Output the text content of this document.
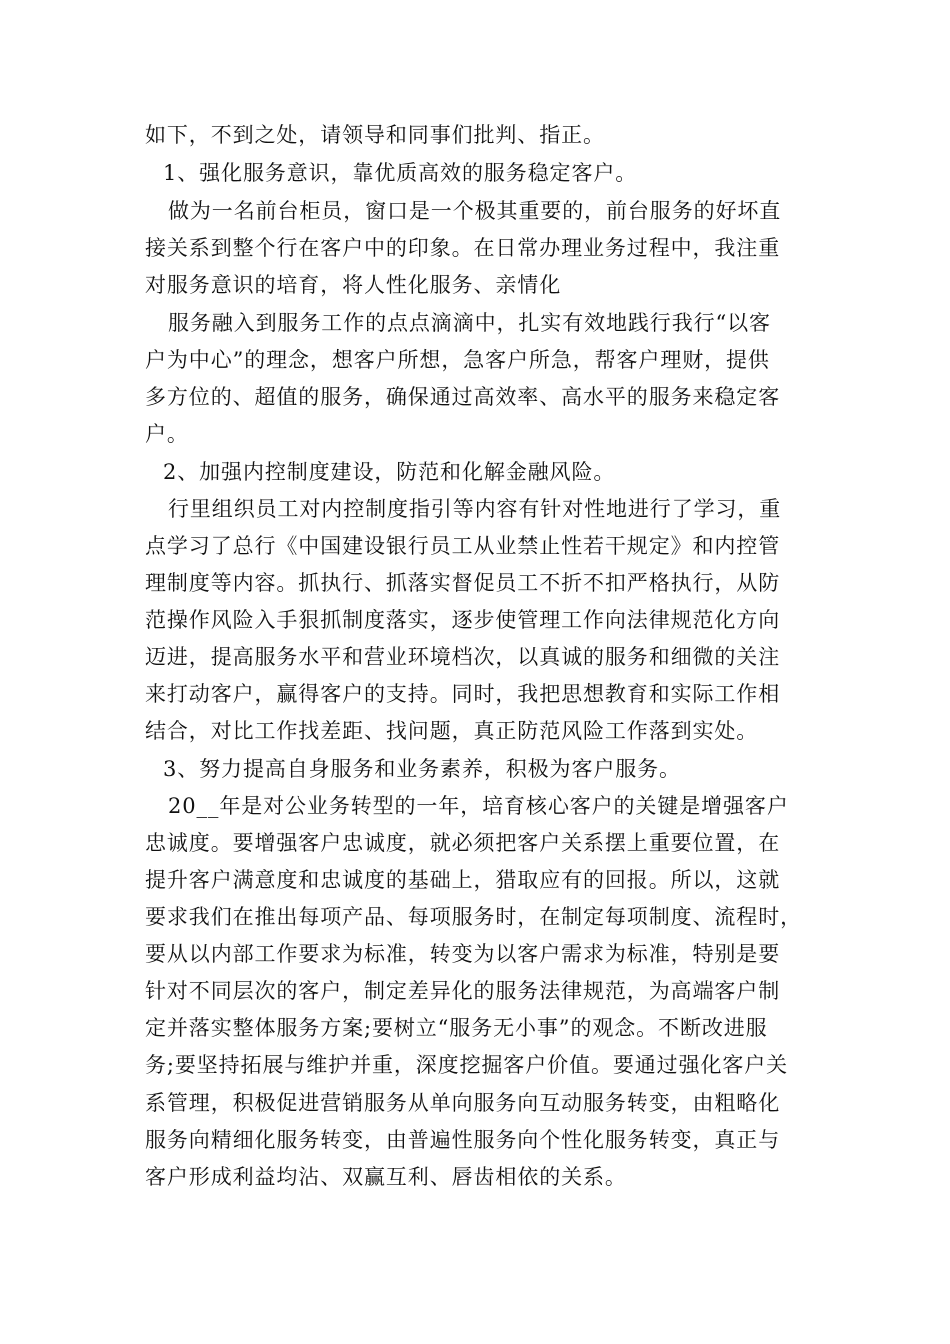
如下，不到之处，请领导和同事们批判、指正。
1、强化服务意识，靠优质高效的服务稳定客户。
做为一名前台柜员，窗口是一个极其重要的，前台服务的好坏直
接关系到整个行在客户中的印象。在日常办理业务过程中，我注重
对服务意识的培育，将人性化服务、亲情化
服务融入到服务工作的点点滴滴中，扎实有效地践行我行“以客
户为中心”的理念，想客户所想，急客户所急，帮客户理财，提供
多方位的、超值的服务，确保通过高效率、高水平的服务来稳定客
户。
2、加强内控制度建设，防范和化解金融风险。
行里组织员工对内控制度指引等内容有针对性地进行了学习，重
点学习了总行《中国建设银行员工从业禁止性若干规定》和内控管
理制度等内容。抓执行、抓落实督促员工不折不扣严格执行，从防
范操作风险入手狠抓制度落实，逐步使管理工作向法律规范化方向
迈进，提高服务水平和营业环境档次，以真诚的服务和细微的关注
来打动客户，赢得客户的支持。同时，我把思想教育和实际工作相
结合，对比工作找差距、找问题，真正防范风险工作落到实处。
3、努力提高自身服务和业务素养，积极为客户服务。
20__年是对公业务转型的一年，培育核心客户的关键是增强客户
忠诚度。要增强客户忠诚度，就必须把客户关系摆上重要位置，在
提升客户满意度和忠诚度的基础上，猎取应有的回报。所以，这就
要求我们在推出每项产品、每项服务时，在制定每项制度、流程时，
要从以内部工作要求为标准，转变为以客户需求为标准，特别是要
针对不同层次的客户，制定差异化的服务法律规范，为高端客户制
定并落实整体服务方案;要树立“服务无小事”的观念。不断改进服
务;要坚持拓展与维护并重，深度挖掘客户价值。要通过强化客户关
系管理，积极促进营销服务从单向服务向互动服务转变，由粗略化
服务向精细化服务转变，由普遍性服务向个性化服务转变，真正与
客户形成利益均沾、双赢互利、唇齿相依的关系。
